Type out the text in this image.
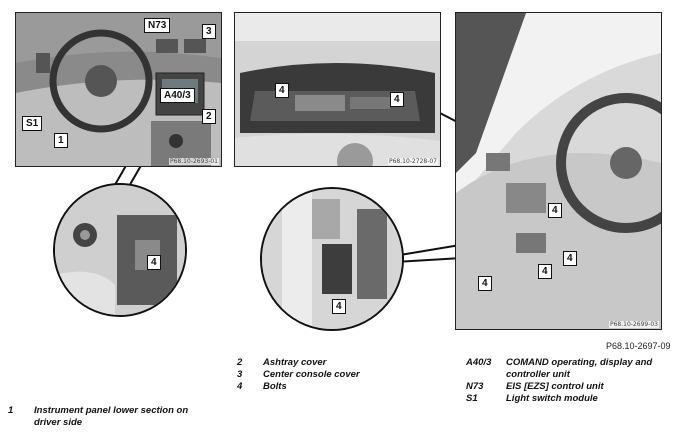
N73
3
A40/3
S1
1
2
P68.10-2693-01
4
4
P68.10-2728-07
4
4
4
4
P68.10-2699-03
4
4
P68.10-2697-09
1	Instrument panel lower section on driver side
2	Ashtray cover
3	Center console cover
4	Bolts
A40/3	COMAND operating, display and controller unit
N73	EIS [EZS] control unit
S1	Light switch module
